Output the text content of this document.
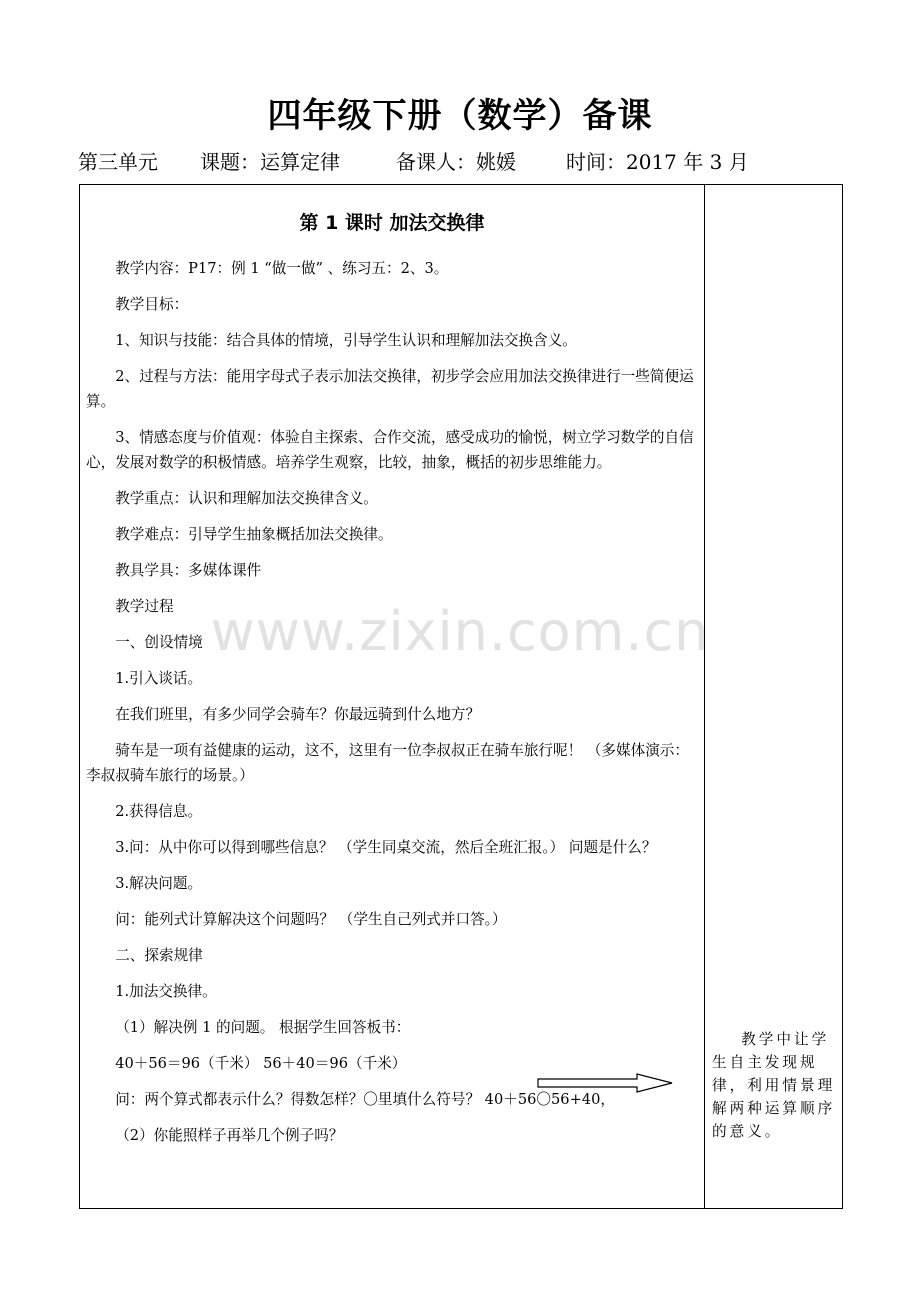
四年级下册（数学）备课
第三单元 课题：运算定律	备课人：姚媛	时间：2017 年 3 月
第 1 课时 加法交换律
www.zixin.com.cn

教学内容：P17：例 1 “做一做” 、练习五：2、3。

教学目标：

1、知识与技能：结合具体的情境，引导学生认识和理解加法交换含义。

2、过程与方法：能用字母式子表示加法交换律，初步学会应用加法交换律进行一些简便运算。

3、情感态度与价值观：体验自主探索、合作交流，感受成功的愉悦，树立学习数学的自信心，发展对数学的积极情感。培养学生观察，比较，抽象，概括的初步思维能力。

教学重点：认识和理解加法交换律含义。

教学难点：引导学生抽象概括加法交换律。

教具学具：多媒体课件

教学过程

一、创设情境

1.引入谈话。

在我们班里，有多少同学会骑车？你最远骑到什么地方？

骑车是一项有益健康的运动，这不，这里有一位李叔叔正在骑车旅行呢！ （多媒体演示：李叔叔骑车旅行的场景。）

2.获得信息。

3.问：从中你可以得到哪些信息？ （学生同桌交流，然后全班汇报。） 问题是什么？

3.解决问题。

问：能列式计算解决这个问题吗？ （学生自己列式并口答。）

二、探索规律

1.加法交换律。

（1）解决例 1 的问题。 根据学生回答板书：

40＋56＝96（千米） 56＋40＝96（千米）

问：两个算式都表示什么？得数怎样？〇里填什么符号？ 40＋56〇56+40，

（2）你能照样子再举几个例子吗？

教学中让学生自主发现规律，利用情景理解两种运算顺序的意义。
